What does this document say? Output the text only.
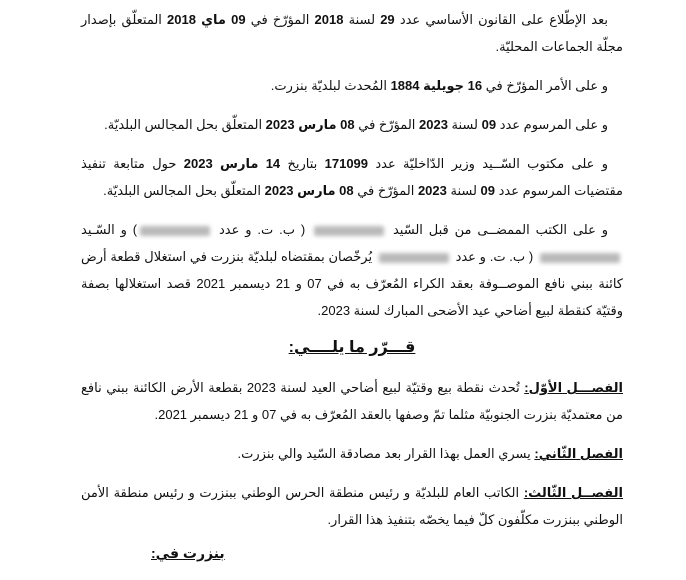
بعد الإطّلاع على القانون الأساسي عدد 29 لسنة 2018 المؤرّخ في 09 ماي 2018 المتعلّق بإصدار مجلّة الجماعات المحليّة.

و على الأمر المؤرّخ في 16 جويلية 1884 المُحدث لبلديّة بنزرت.

و على المرسوم عدد 09 لسنة 2023 المؤرّخ في 08 مارس 2023 المتعلّق بحل المجالس البلديّة.

و على مكتوب السّــيد وزير الدّاخليّة عدد 171099 بتاريخ 14 مارس 2023 حول متابعة تنفيذ مقتضيات المرسوم عدد 09 لسنة 2023 المؤرّخ في 08 مارس 2023 المتعلّق بحل المجالس البلديّة.

و على الكتب الممضــى من قبل السّيد  ( ب. ت. و عدد ) و السّـيد  ( ب. ت. و عدد  يُرخّصان بمقتضاه لبلديّة بنزرت في استغلال قطعة أرض كائنة ببني نافع الموصــوفة بعقد الكراء المُعرّف به في 07 و 21 ديسمبر 2021 قصد استغلالها بصفة وقتيّة كنقطة لبيع أضاحي عيد الأضحى المبارك لسنة 2023.

قـــرّر ما يلــــي:

الفصـــل الأوّل: تُحدث نقطة بيع وقتيّة لبيع أضاحي العيد لسنة 2023 بقطعة الأرض الكائنة ببني نافع من معتمديّة بنزرت الجنوبيّة مثلما تمّ وصفها بالعقد المُعرّف به في 07 و 21 ديسمبر 2021.

الفصل الثّاني: يسري العمل بهذا القرار بعد مصادقة السّيد والي بنزرت.

الفصــل الثّالث: الكاتب العام للبلديّة و رئيس منطقة الحرس الوطني ببنزرت و رئيس منطقة الأمن الوطني ببنزرت مكلّفون كلّ فيما يخصّه بتنفيذ هذا القرار.

بنزرت في:
